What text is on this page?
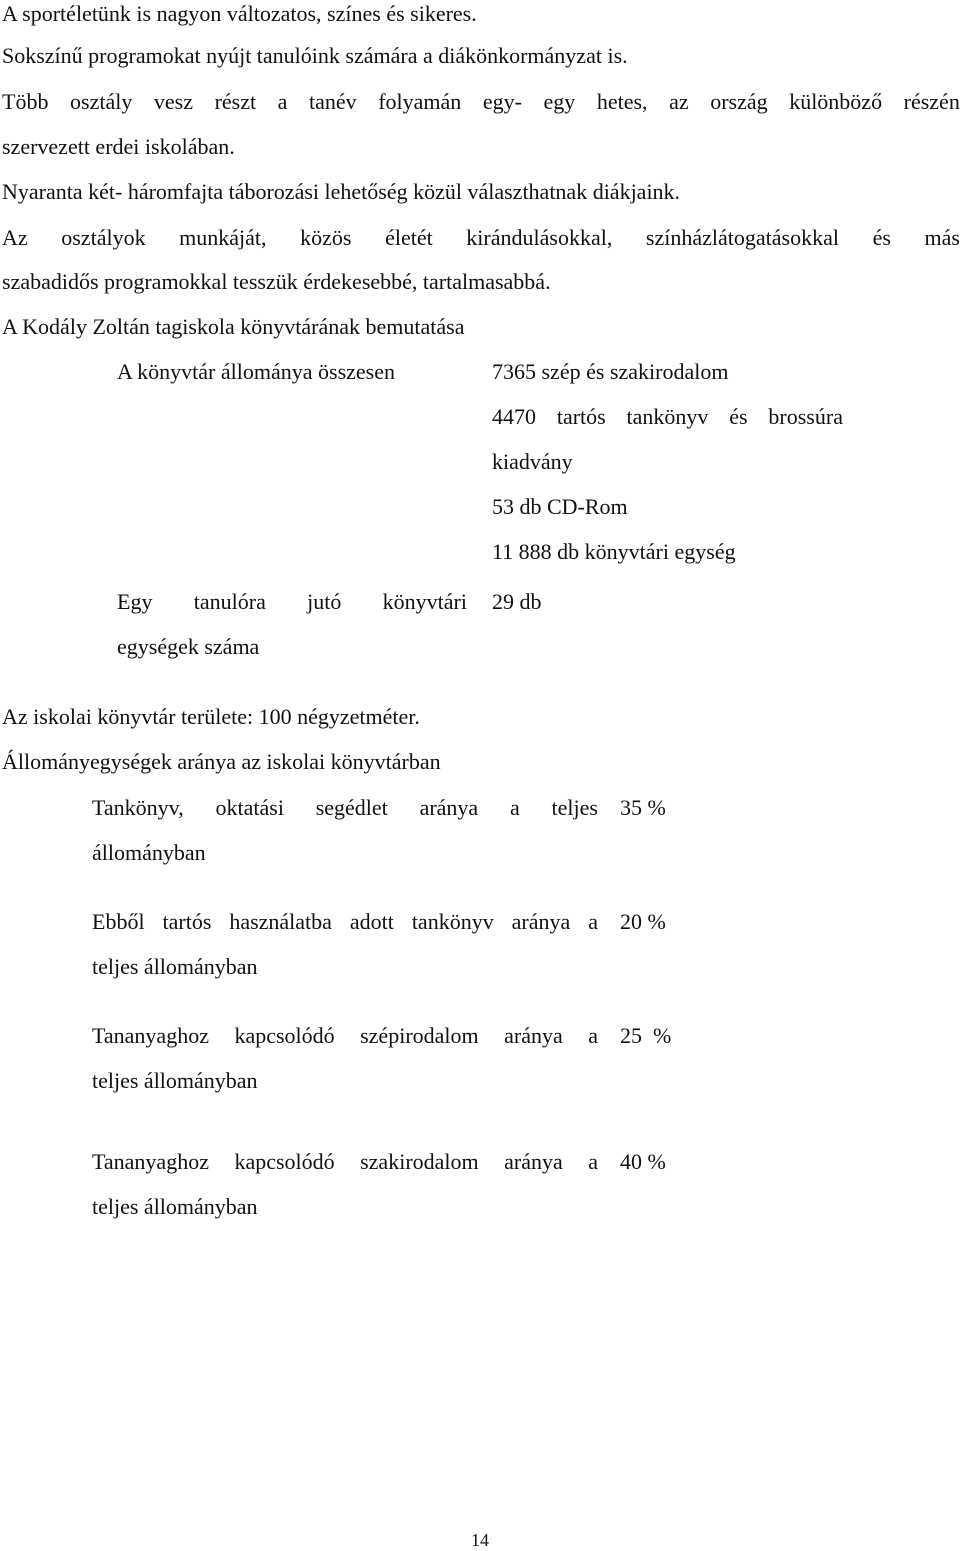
A sportéletünk is nagyon változatos, színes és sikeres.
Sokszínű programokat nyújt tanulóink számára a diákönkormányzat is.
Több osztály vesz részt a tanév folyamán egy- egy hetes, az ország különböző részén
szervezett erdei iskolában.
Nyaranta két- háromfajta táborozási lehetőség közül választhatnak diákjaink.
Az osztályok munkáját, közös életét kirándulásokkal, színházlátogatásokkal és más
szabadidős programokkal tesszük érdekesebbé, tartalmasabbá.
A Kodály Zoltán tagiskola könyvtárának bemutatása
A könyvtár állománya összesen	7365 szép és szakirodalom
4470 tartós tankönyv és brossúra
kiadvány
53 db CD-Rom
11 888 db könyvtári egység
Egy tanulóra jutó könyvtári
egységek száma
29 db
Az iskolai könyvtár területe: 100 négyzetméter.
Állományegységek aránya az iskolai könyvtárban
Tankönyv, oktatási segédlet aránya a teljes
állományban
35 %
Ebből tartós használatba adott tankönyv aránya a
teljes állományban
20 %
Tananyaghoz kapcsolódó szépirodalom aránya a
teljes állományban
25  %
Tananyaghoz kapcsolódó szakirodalom aránya a
teljes állományban
40 %
14
